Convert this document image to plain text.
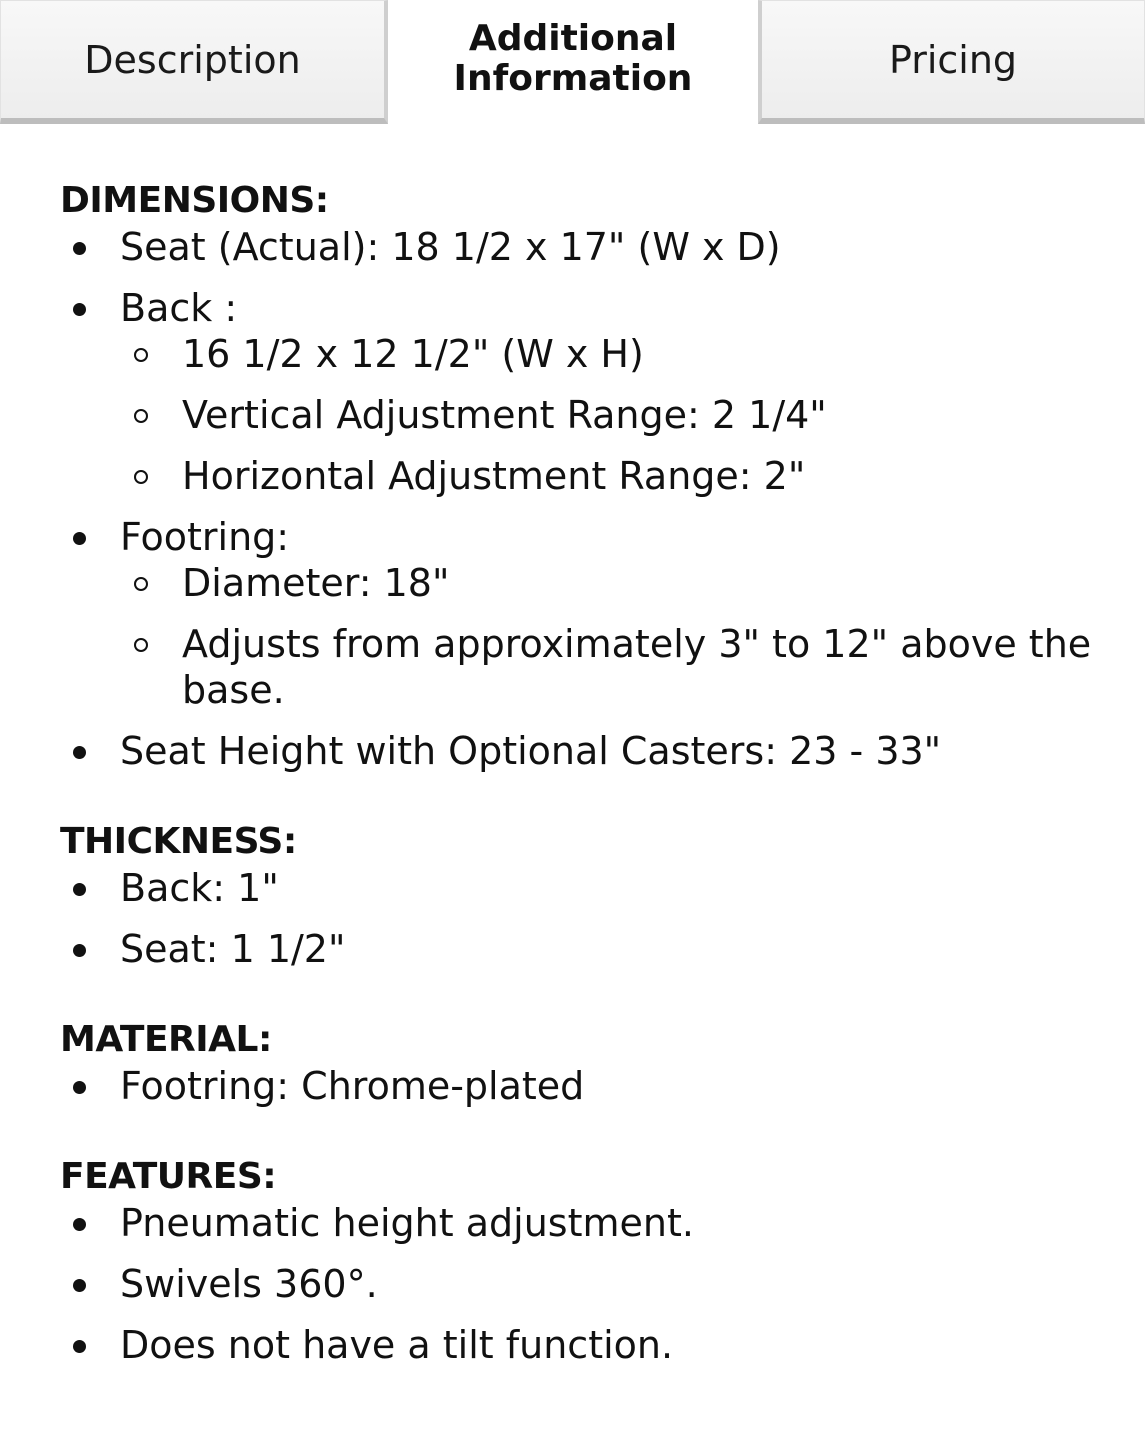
Description	Additional
Information	Pricing

DIMENSIONS:

Seat (Actual): 18 1/2 x 17" (W x D)
Back :
16 1/2 x 12 1/2" (W x H)
Vertical Adjustment Range: 2 1/4"
Horizontal Adjustment Range: 2"
Footring:
Diameter: 18"
Adjusts from approximately 3" to 12" above the base.
Seat Height with Optional Casters: 23 - 33"

THICKNESS:

Back: 1"
Seat: 1 1/2"

MATERIAL:

Footring: Chrome-plated

FEATURES:

Pneumatic height adjustment.
Swivels 360°.
Does not have a tilt function.
